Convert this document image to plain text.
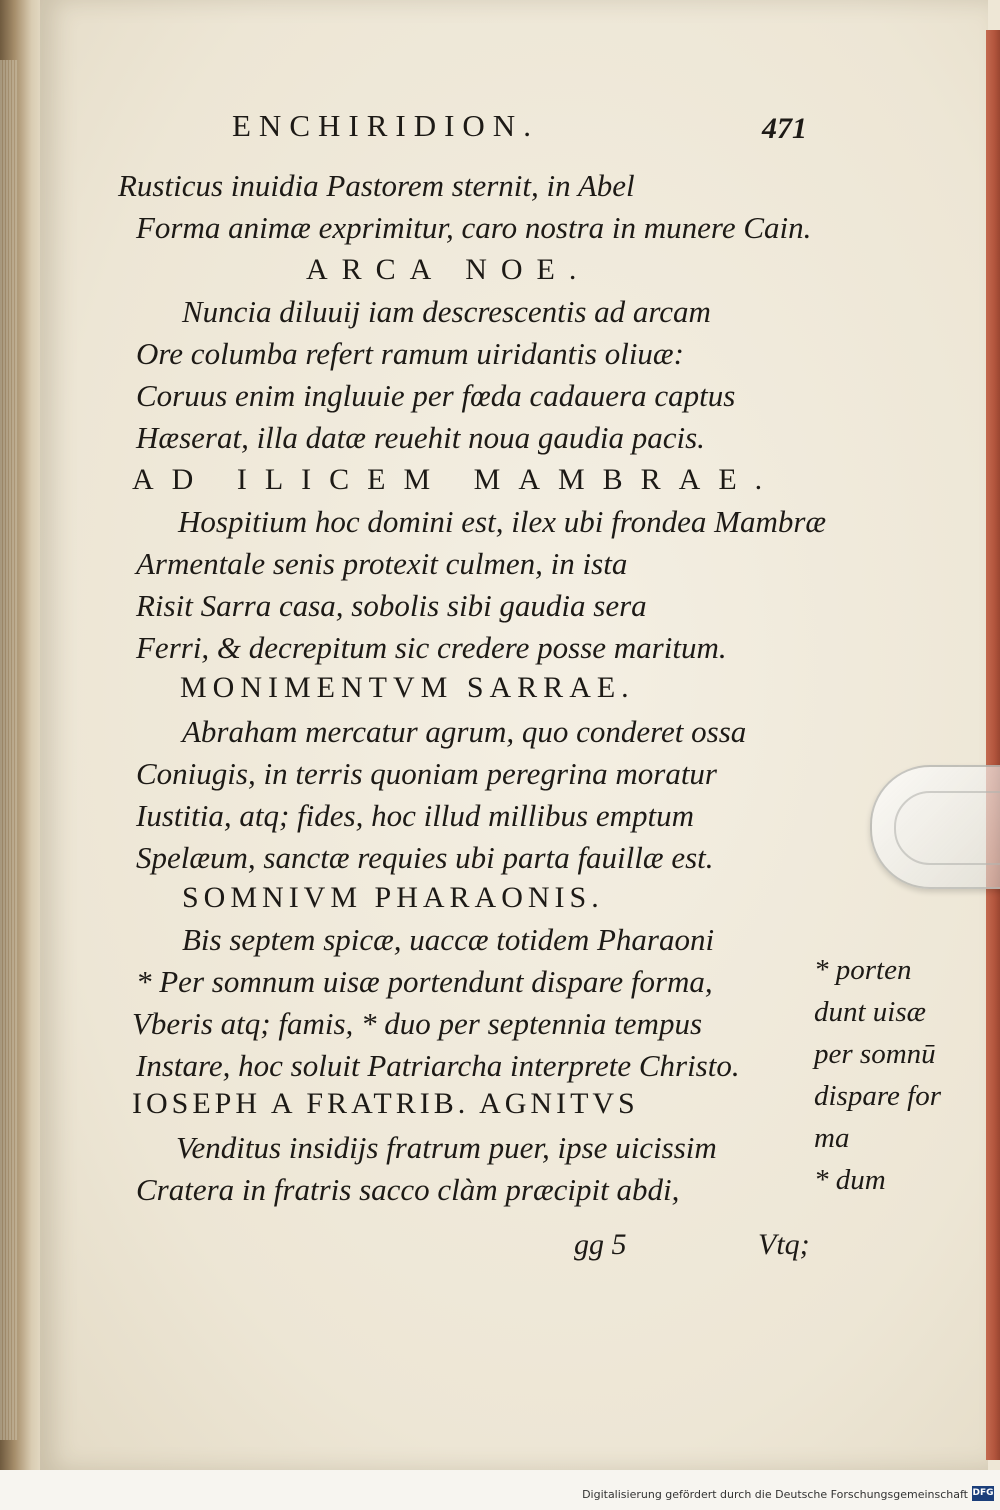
ENCHIRIDION.	471
Rusticus inuidia Pastorem sternit, in Abel
Forma animæ exprimitur, caro nostra in munere Cain.
ARCA NOE.
Nuncia diluuij iam descrescentis ad arcam
Ore columba refert ramum uiridantis oliuæ:
Coruus enim ingluuie per fœda cadauera captus
Hæserat, illa datæ reuehit noua gaudia pacis.
AD ILICEM MAMBRAE.
Hospitium hoc domini est, ilex ubi frondea Mambræ
Armentale senis protexit culmen, in ista
Risit Sarra casa, sobolis sibi gaudia sera
Ferri, & decrepitum sic credere posse maritum.
MONIMENTVM SARRAE.
Abraham mercatur agrum, quo conderet ossa
Coniugis, in terris quoniam peregrina moratur
Iustitia, atq; fides, hoc illud millibus emptum
Spelæum, sanctæ requies ubi parta fauillæ est.
SOMNIVM PHARAONIS.
Bis septem spicæ, uaccæ totidem Pharaoni
* Per somnum uisæ portendunt dispare forma,
Vberis atq; famis, * duo per septennia tempus
Instare, hoc soluit Patriarcha interprete Christo.
IOSEPH A FRATRIB. AGNITVS
Venditus insidijs fratrum puer, ipse uicissim
Cratera in fratris sacco clàm præcipit abdi,
* porten
dunt uisæ
per somnū
dispare for
ma
* dum
gg 5	Vtq;
Digitalisierung gefördert durch die Deutsche Forschungsgemeinschaft DFG
